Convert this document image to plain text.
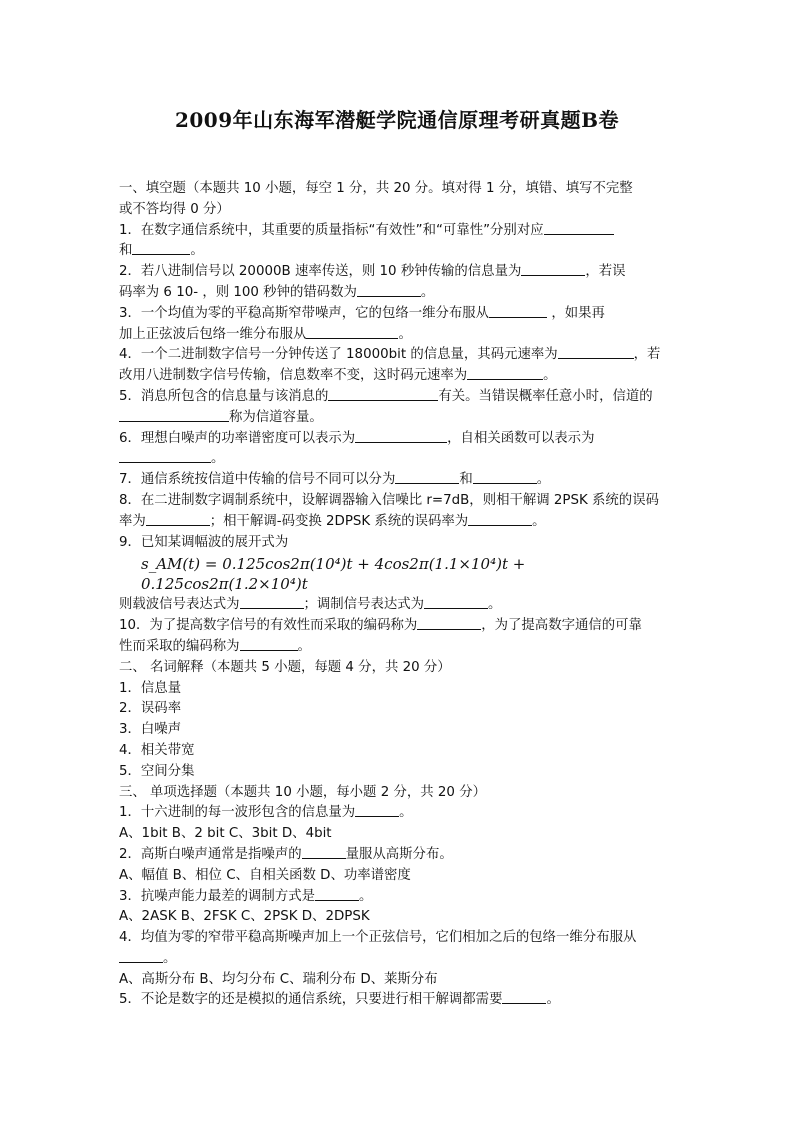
2009年山东海军潜艇学院通信原理考研真题B卷
一、填空题（本题共 10 小题，每空 1 分，共 20 分。填对得 1 分，填错、填写不完整
或不答均得 0 分）
1．在数字通信系统中，其重要的质量指标“有效性”和“可靠性”分别对应
和	。
2．若八进制信号以 20000B 速率传送，则 10 秒钟传输的信息量为	，若误
码率为 6 10- ，则 100 秒钟的错码数为	。
3．一个均值为零的平稳高斯窄带噪声，它的包络一维分布服从	，如果再
加上正弦波后包络一维分布服从	。
4．一个二进制数字信号一分钟传送了 18000bit 的信息量，其码元速率为	，若
改用八进制数字信号传输，信息数率不变，这时码元速率为	。
5．消息所包含的信息量与该消息的	有关。当错误概率任意小时，信道的
称为信道容量。
6．理想白噪声的功率谱密度可以表示为	，自相关函数可以表示为
。
7．通信系统按信道中传输的信号不同可以分为	和	。
8．在二进制数字调制系统中，设解调器输入信噪比 r=7dB，则相干解调 2PSK 系统的误码
率为	；相干解调-码变换 2DPSK 系统的误码率为	。
9．已知某调幅波的展开式为
s_AM(t) = 0.125cos2π(10⁴)t + 4cos2π(1.1×10⁴)t + 0.125cos2π(1.2×10⁴)t
则载波信号表达式为	；调制信号表达式为	。
10．为了提高数字信号的有效性而采取的编码称为	，为了提高数字通信的可靠
性而采取的编码称为	。
二、 名词解释（本题共 5 小题，每题 4 分，共 20 分）
1．信息量
2．误码率
3．白噪声
4．相关带宽
5．空间分集
三、 单项选择题（本题共 10 小题，每小题 2 分，共 20 分）
1．十六进制的每一波形包含的信息量为	。
A、1bit B、2 bit C、3bit D、4bit
2．高斯白噪声通常是指噪声的	量服从高斯分布。
A、幅值 B、相位 C、自相关函数 D、功率谱密度
3．抗噪声能力最差的调制方式是	。
A、2ASK B、2FSK C、2PSK D、2DPSK
4．均值为零的窄带平稳高斯噪声加上一个正弦信号，它们相加之后的包络一维分布服从
。
A、高斯分布 B、均匀分布 C、瑞利分布 D、莱斯分布
5．不论是数字的还是模拟的通信系统，只要进行相干解调都需要	。
